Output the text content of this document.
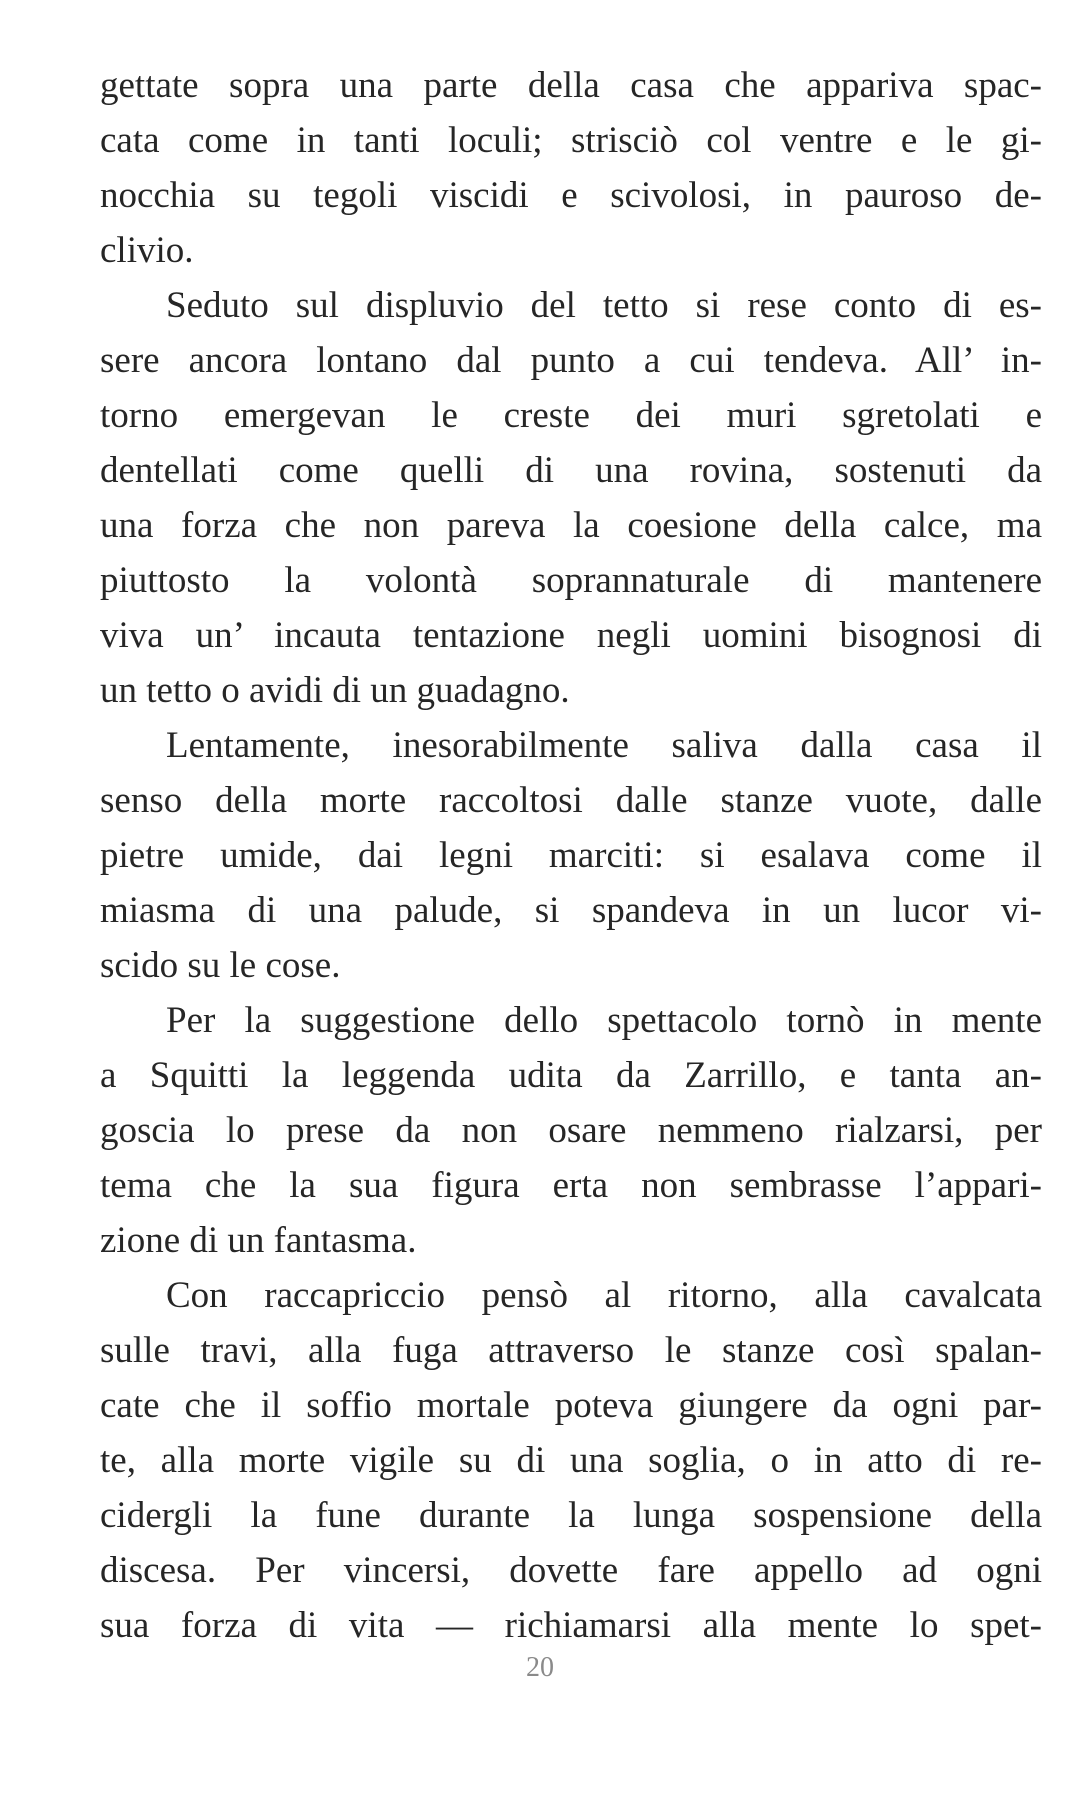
gettate sopra una parte della casa che appariva spac-
cata come in tanti loculi; strisciò col ventre e le gi-
nocchia su tegoli viscidi e scivolosi, in pauroso de-
clivio.
Seduto sul displuvio del tetto si rese conto di es-
sere ancora lontano dal punto a cui tendeva. All’ in-
torno emergevan le creste dei muri sgretolati e
dentellati come quelli di una rovina, sostenuti da
una forza che non pareva la coesione della calce, ma
piuttosto la volontà soprannaturale di mantenere
viva un’ incauta tentazione negli uomini bisognosi di
un tetto o avidi di un guadagno.
Lentamente, inesorabilmente saliva dalla casa il
senso della morte raccoltosi dalle stanze vuote, dalle
pietre umide, dai legni marciti: si esalava come il
miasma di una palude, si spandeva in un lucor vi-
scido su le cose.
Per la suggestione dello spettacolo tornò in mente
a Squitti la leggenda udita da Zarrillo, e tanta an-
goscia lo prese da non osare nemmeno rialzarsi, per
tema che la sua figura erta non sembrasse l’appari-
zione di un fantasma.
Con raccapriccio pensò al ritorno, alla cavalcata
sulle travi, alla fuga attraverso le stanze così spalan-
cate che il soffio mortale poteva giungere da ogni par-
te, alla morte vigile su di una soglia, o in atto di re-
cidergli la fune durante la lunga sospensione della
discesa. Per vincersi, dovette fare appello ad ogni
sua forza di vita — richiamarsi alla mente lo spet-
20
